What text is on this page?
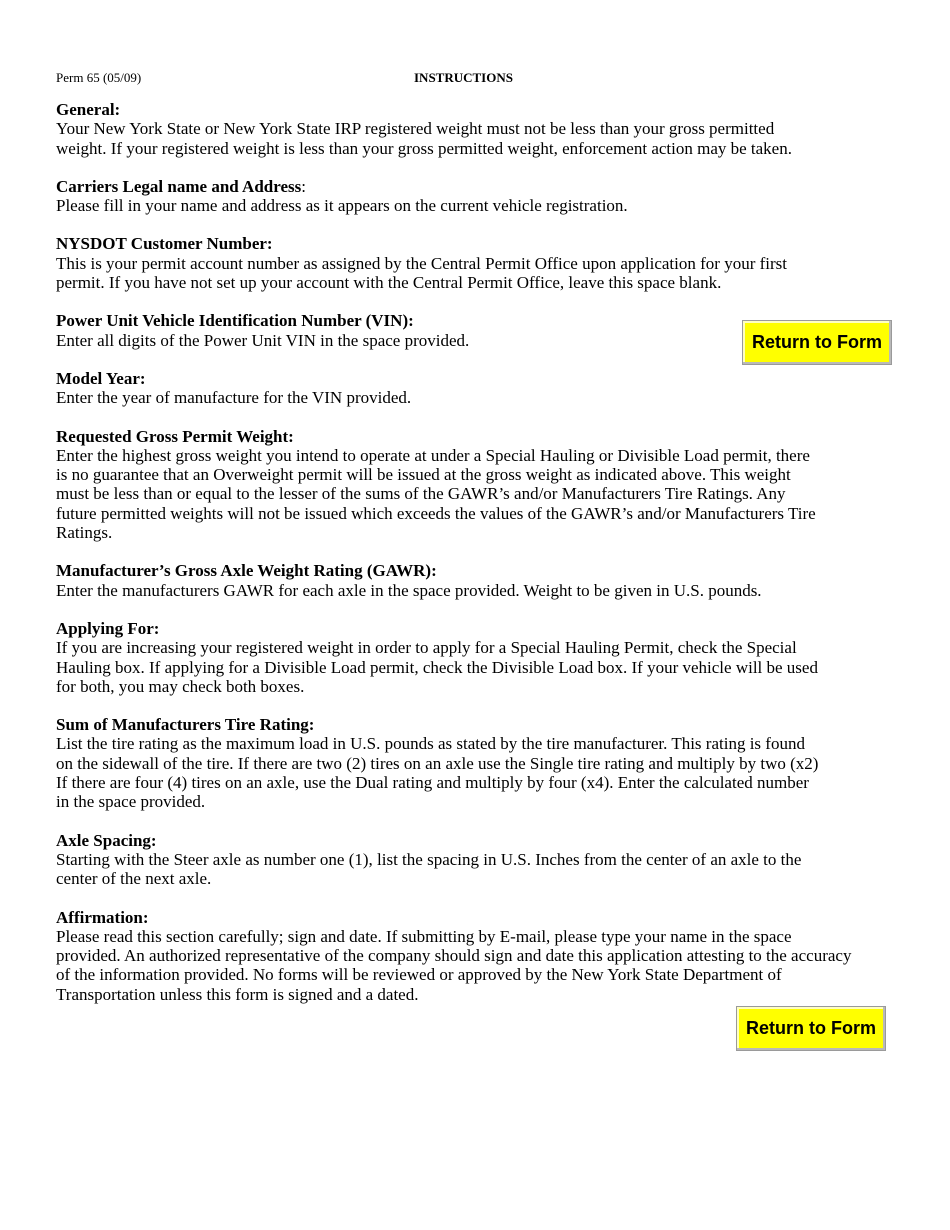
Perm 65 (05/09)	INSTRUCTIONS
General:
Your New York State or New York State IRP registered weight must not be less than your gross permitted
weight. If your registered weight is less than your gross permitted weight, enforcement action may be taken.
Carriers Legal name and Address:
Please fill in your name and address as it appears on the current vehicle registration.
NYSDOT Customer Number:
This is your permit account number as assigned by the Central Permit Office upon application for your first
permit. If you have not set up your account with the Central Permit Office, leave this space blank.
Power Unit Vehicle Identification Number (VIN):
Enter all digits of the Power Unit VIN in the space provided.
Model Year:
Enter the year of manufacture for the VIN provided.
Requested Gross Permit Weight:
Enter the highest gross weight you intend to operate at under a Special Hauling or Divisible Load permit, there
is no guarantee that an Overweight permit will be issued at the gross weight as indicated above. This weight
must be less than or equal to the lesser of the sums of the GAWR’s and/or Manufacturers Tire Ratings. Any
future permitted weights will not be issued which exceeds the values of the GAWR’s and/or Manufacturers Tire
Ratings.
Manufacturer’s Gross Axle Weight Rating (GAWR):
Enter the manufacturers GAWR for each axle in the space provided. Weight to be given in U.S. pounds.
Applying For:
If you are increasing your registered weight in order to apply for a Special Hauling Permit, check the Special
Hauling box. If applying for a Divisible Load permit, check the Divisible Load box. If your vehicle will be used
for both, you may check both boxes.
Sum of Manufacturers Tire Rating:
List the tire rating as the maximum load in U.S. pounds as stated by the tire manufacturer. This rating is found
on the sidewall of the tire. If there are two (2) tires on an axle use the Single tire rating and multiply by two (x2)
If there are four (4) tires on an axle, use the Dual rating and multiply by four (x4). Enter the calculated number
in the space provided.
Axle Spacing:
Starting with the Steer axle as number one (1), list the spacing in U.S. Inches from the center of an axle to the
center of the next axle.
Affirmation:
Please read this section carefully; sign and date. If submitting by E-mail, please type your name in the space
provided. An authorized representative of the company should sign and date this application attesting to the accuracy
of the information provided. No forms will be reviewed or approved by the New York State Department of
Transportation unless this form is signed and a dated.
Return to Form
Return to Form
